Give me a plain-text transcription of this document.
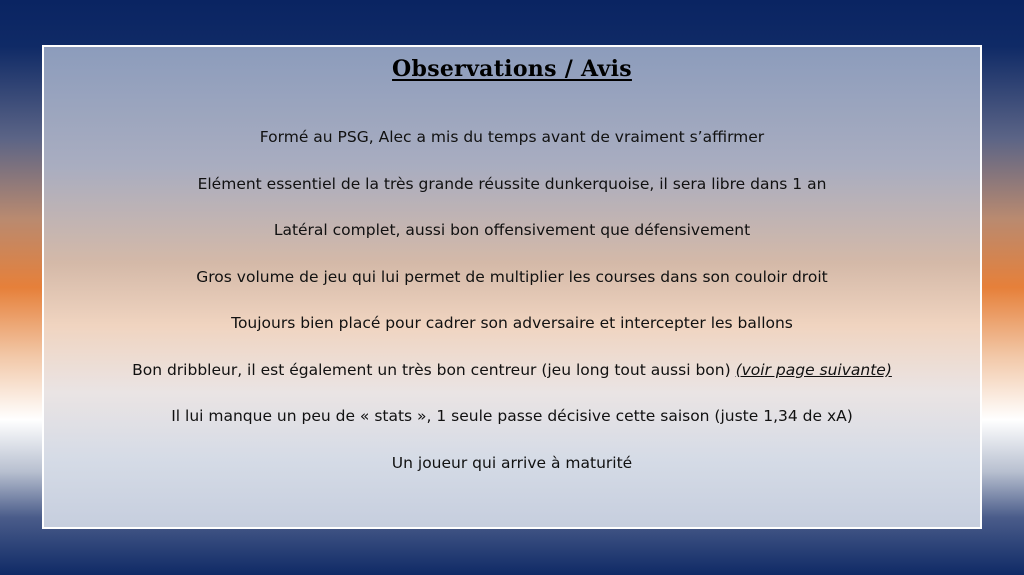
Observations / Avis
Formé au PSG, Alec a mis du temps avant de vraiment s’affirmer
Elément essentiel de la très grande réussite dunkerquoise, il sera libre dans 1 an
Latéral complet, aussi bon offensivement que défensivement
Gros volume de jeu qui lui permet de multiplier les courses dans son couloir droit
Toujours bien placé pour cadrer son adversaire et intercepter les ballons
Bon dribbleur, il est également un très bon centreur (jeu long tout aussi bon) (voir page suivante)
Il lui manque un peu de « stats », 1 seule passe décisive cette saison (juste 1,34 de xA)
Un joueur qui arrive à maturité
